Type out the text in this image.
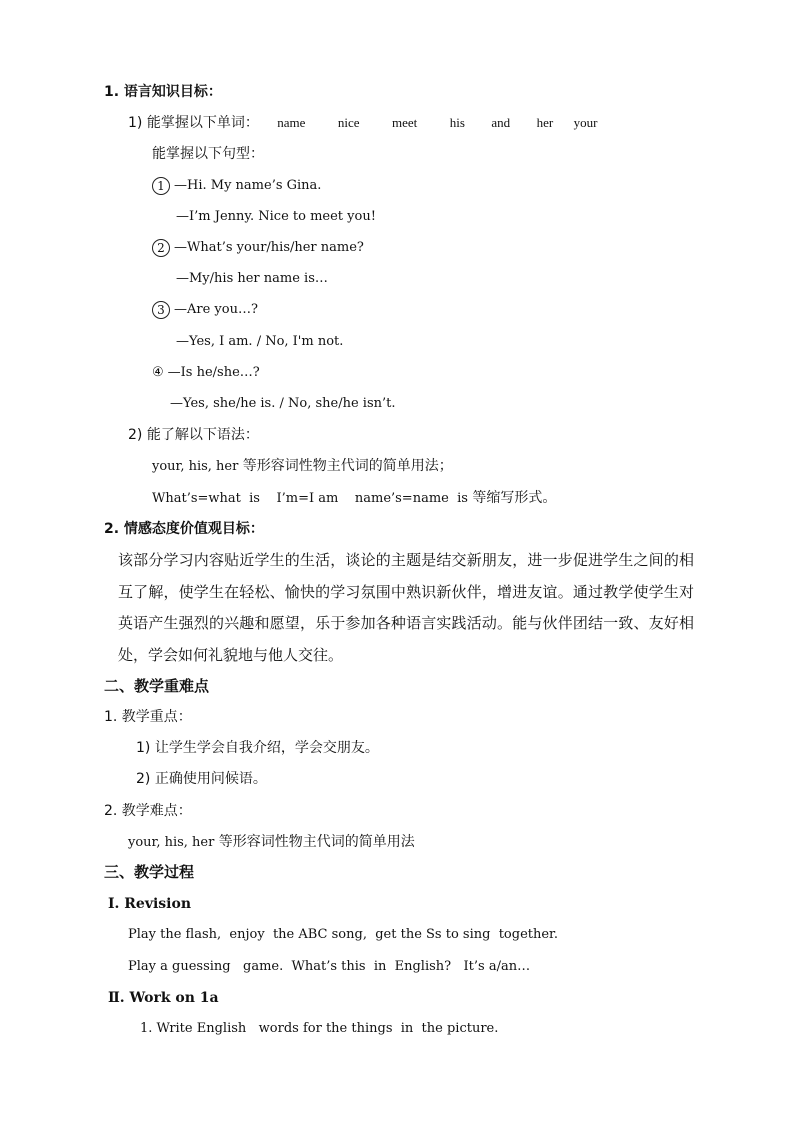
1. 语言知识目标：
1) 能掌握以下单词： name nice meet his and her your
能掌握以下句型：
1 —Hi. My name’s Gina.
—I’m Jenny. Nice to meet you!
2 —What’s your/his/her name?
—My/his her name is…
3 —Are you…?
—Yes, I am. / No, I'm not.
④ —Is he/she…?
—Yes, she/he is. / No, she/he isn’t.
2) 能了解以下语法：
your, his, her 等形容词性物主代词的简单用法；
What’s=what  is    I’m=I am    name’s=name  is 等缩写形式。
2. 情感态度价值观目标：
该部分学习内容贴近学生的生活，谈论的主题是结交新朋友，进一步促进学生之间的相互了解，使学生在轻松、愉快的学习氛围中熟识新伙伴，增进友谊。通过教学使学生对英语产生强烈的兴趣和愿望，乐于参加各种语言实践活动。能与伙伴团结一致、友好相处，学会如何礼貌地与他人交往。
二、教学重难点
1. 教学重点：
1) 让学生学会自我介绍，学会交朋友。
2) 正确使用问候语。
2. 教学难点：
your, his, her 等形容词性物主代词的简单用法
三、教学过程
Ⅰ. Revision
Play the flash,  enjoy  the ABC song,  get the Ss to sing  together.
Play a guessing   game.  What’s this  in  English?   It’s a/an…
Ⅱ. Work on 1a
1. Write English   words for the things  in  the picture.
